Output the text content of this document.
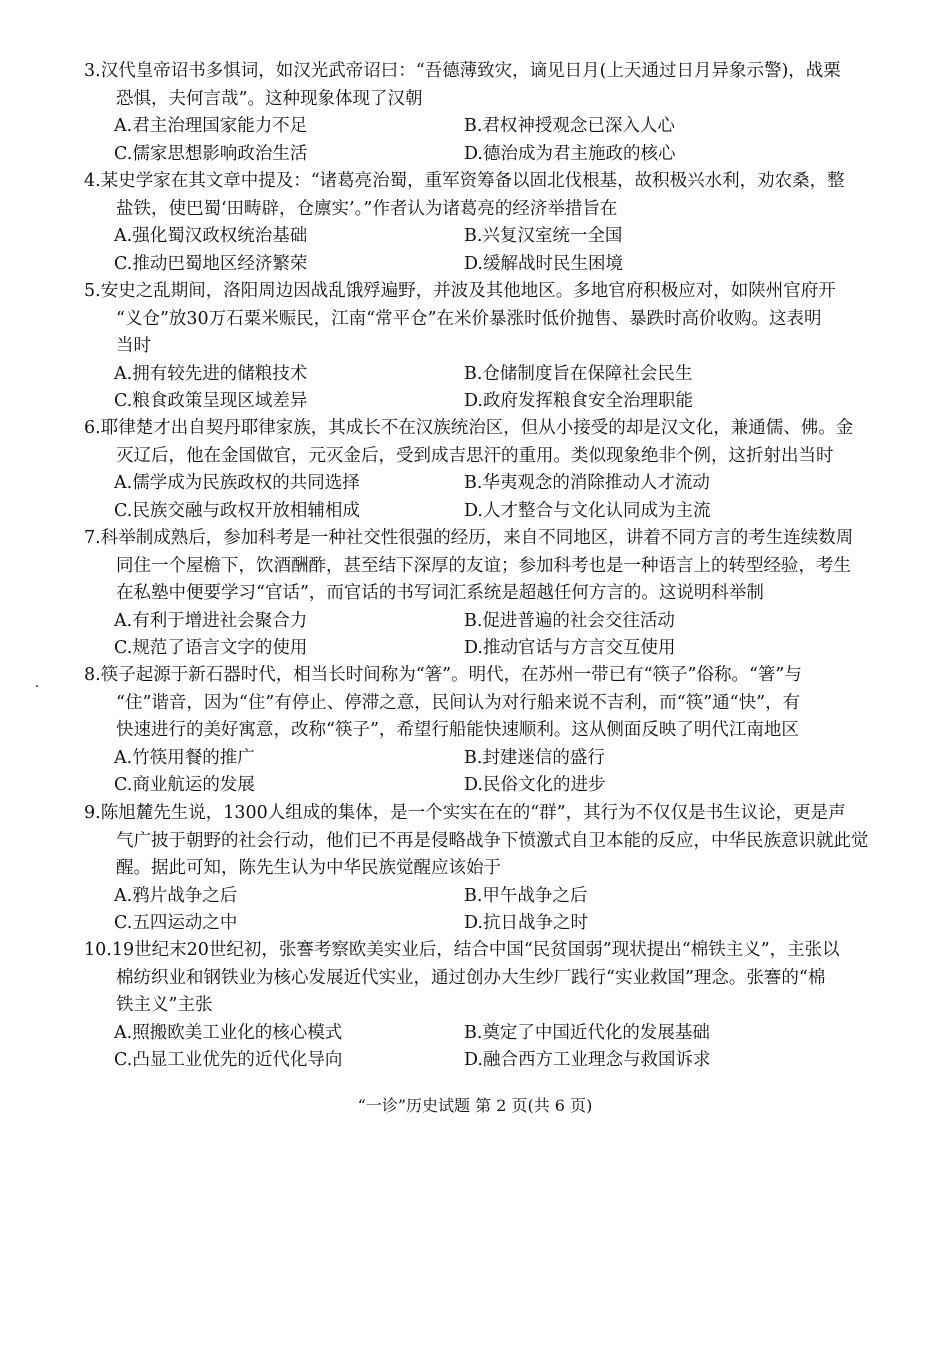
3.汉代皇帝诏书多惧词，如汉光武帝诏曰：“吾德薄致灾，谪见日月(上天通过日月异象示警)，战栗
恐惧，夫何言哉”。这种现象体现了汉朝

A.君主治理国家能力不足	B.君权神授观念已深入人心
C.儒家思想影响政治生活	D.德治成为君主施政的核心

4.某史学家在其文章中提及：“诸葛亮治蜀，重军资筹备以固北伐根基，故积极兴水利，劝农桑，整
盐铁，使巴蜀‘田畴辟，仓廪实’。”作者认为诸葛亮的经济举措旨在

A.强化蜀汉政权统治基础	B.兴复汉室统一全国
C.推动巴蜀地区经济繁荣	D.缓解战时民生困境

5.安史之乱期间，洛阳周边因战乱饿殍遍野，并波及其他地区。多地官府积极应对，如陕州官府开
“义仓”放30万石粟米赈民，江南“常平仓”在米价暴涨时低价抛售、暴跌时高价收购。这表明
当时

A.拥有较先进的储粮技术	B.仓储制度旨在保障社会民生
C.粮食政策呈现区域差异	D.政府发挥粮食安全治理职能

6.耶律楚才出自契丹耶律家族，其成长不在汉族统治区，但从小接受的却是汉文化，兼通儒、佛。金
灭辽后，他在金国做官，元灭金后，受到成吉思汗的重用。类似现象绝非个例，这折射出当时

A.儒学成为民族政权的共同选择	B.华夷观念的消除推动人才流动
C.民族交融与政权开放相辅相成	D.人才整合与文化认同成为主流

7.科举制成熟后，参加科考是一种社交性很强的经历，来自不同地区，讲着不同方言的考生连续数周
同住一个屋檐下，饮酒酬酢，甚至结下深厚的友谊；参加科考也是一种语言上的转型经验，考生
在私塾中便要学习“官话”，而官话的书写词汇系统是超越任何方言的。这说明科举制

A.有利于增进社会聚合力	B.促进普遍的社会交往活动
C.规范了语言文字的使用	D.推动官话与方言交互使用

8.筷子起源于新石器时代，相当长时间称为“箸”。明代，在苏州一带已有“筷子”俗称。“箸”与
“住”谐音，因为“住”有停止、停滞之意，民间认为对行船来说不吉利，而“筷”通“快”，有
快速进行的美好寓意，改称“筷子”，希望行船能快速顺利。这从侧面反映了明代江南地区

A.竹筷用餐的推广	B.封建迷信的盛行
C.商业航运的发展	D.民俗文化的进步

9.陈旭麓先生说，1300人组成的集体，是一个实实在在的“群”，其行为不仅仅是书生议论，更是声
气广披于朝野的社会行动，他们已不再是侵略战争下愤激式自卫本能的反应，中华民族意识就此觉
醒。据此可知，陈先生认为中华民族觉醒应该始于

A.鸦片战争之后	B.甲午战争之后
C.五四运动之中	D.抗日战争之时

10.19世纪末20世纪初，张謇考察欧美实业后，结合中国“民贫国弱”现状提出“棉铁主义”，主张以
棉纺织业和钢铁业为核心发展近代实业，通过创办大生纱厂践行“实业救国”理念。张謇的“棉
铁主义”主张

A.照搬欧美工业化的核心模式	B.奠定了中国近代化的发展基础
C.凸显工业优先的近代化导向	D.融合西方工业理念与救国诉求
“一诊”历史试题 第 2 页(共 6 页)
